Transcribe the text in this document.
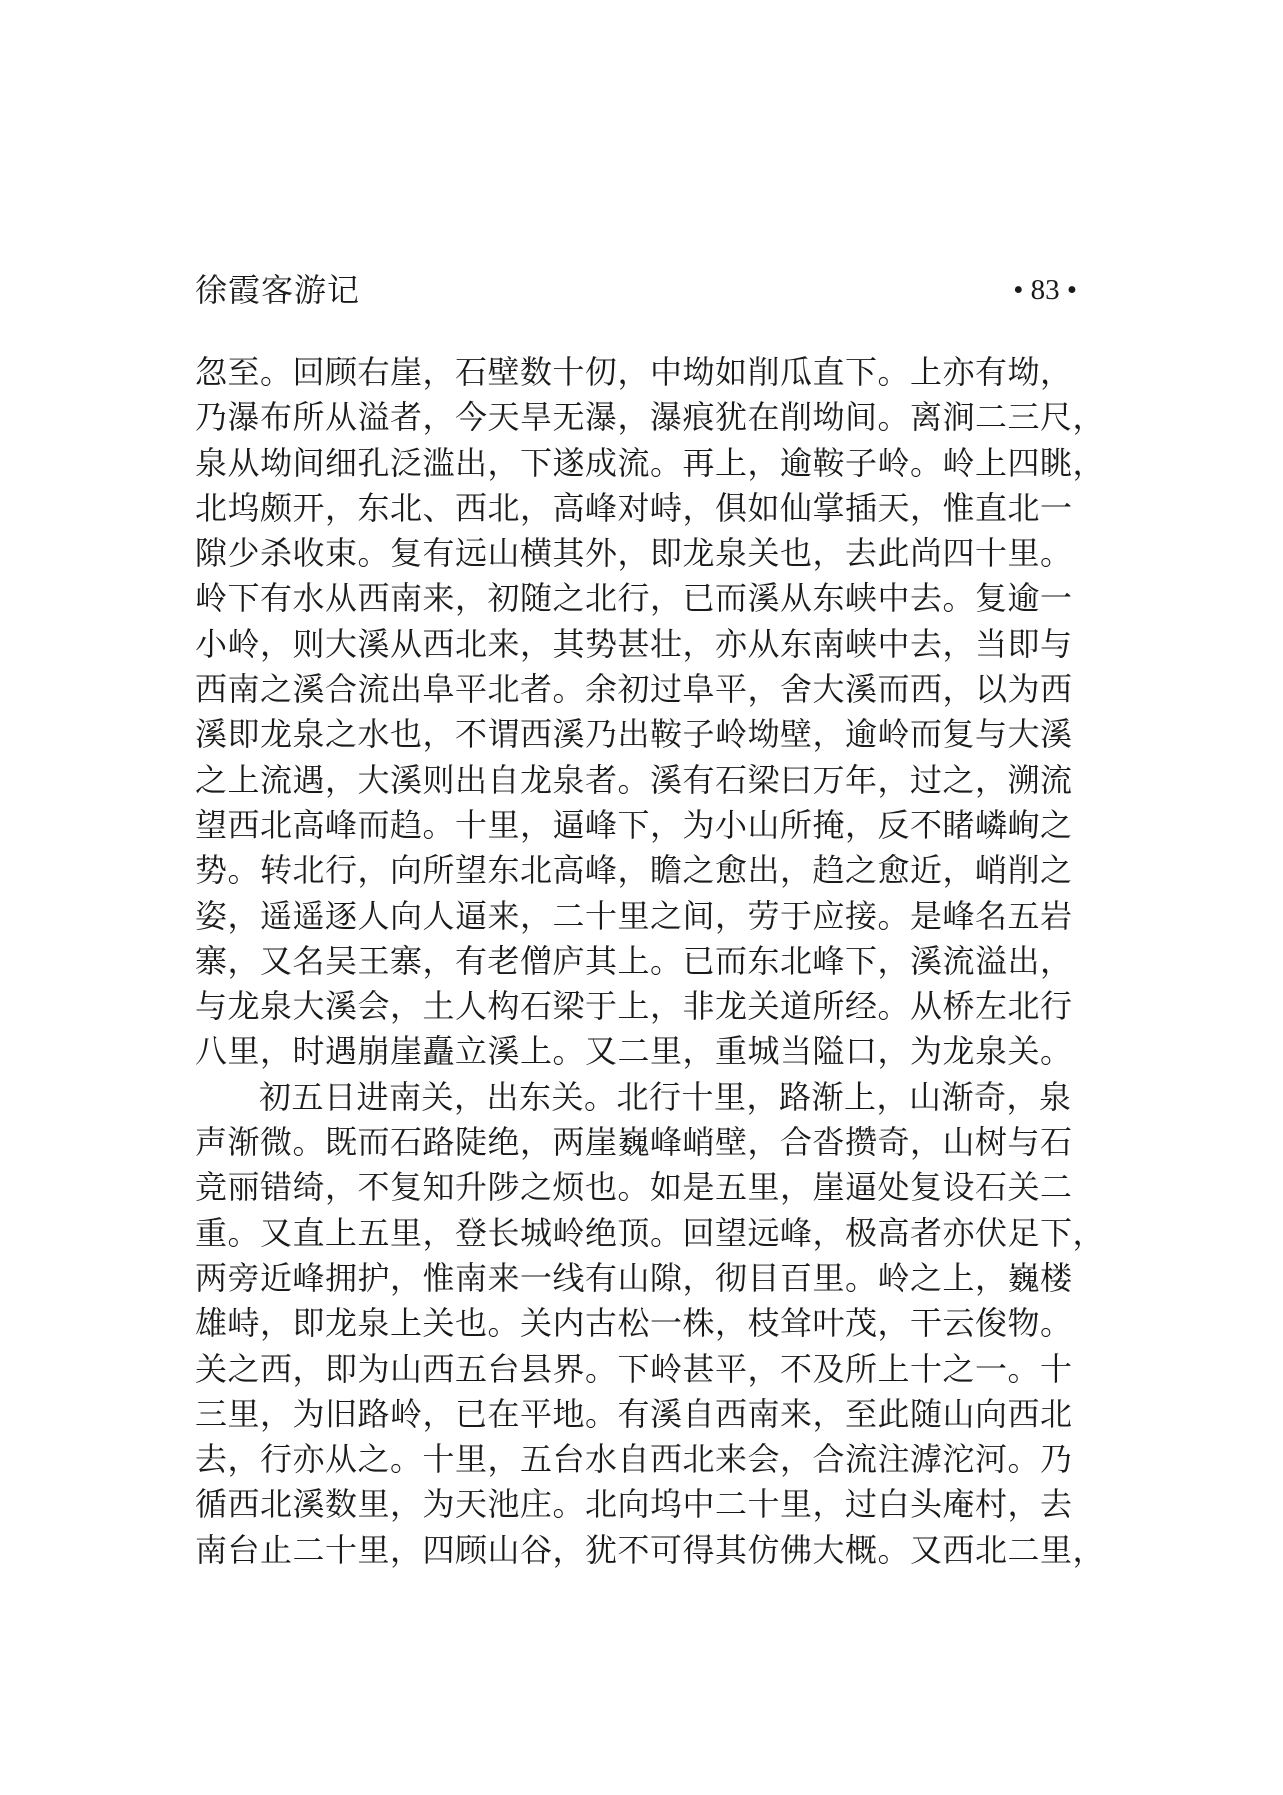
徐霞客游记	• 83 •
忽至。回顾右崖，石壁数十仞，中坳如削瓜直下。上亦有坳，
乃瀑布所从溢者，今天旱无瀑，瀑痕犹在削坳间。离涧二三尺，
泉从坳间细孔泛滥出，下遂成流。再上，逾鞍子岭。岭上四眺，
北坞颇开，东北、西北，高峰对峙，俱如仙掌插天，惟直北一
隙少杀收束。复有远山横其外，即龙泉关也，去此尚四十里。
岭下有水从西南来，初随之北行，已而溪从东峡中去。复逾一
小岭，则大溪从西北来，其势甚壮，亦从东南峡中去，当即与
西南之溪合流出阜平北者。余初过阜平，舍大溪而西，以为西
溪即龙泉之水也，不谓西溪乃出鞍子岭坳壁，逾岭而复与大溪
之上流遇，大溪则出自龙泉者。溪有石梁曰万年，过之，溯流
望西北高峰而趋。十里，逼峰下，为小山所掩，反不睹嶙峋之
势。转北行，向所望东北高峰，瞻之愈出，趋之愈近，峭削之
姿，遥遥逐人向人逼来，二十里之间，劳于应接。是峰名五岩
寨，又名吴王寨，有老僧庐其上。已而东北峰下，溪流溢出，
与龙泉大溪会，土人构石梁于上，非龙关道所经。从桥左北行
八里，时遇崩崖矗立溪上。又二里，重城当隘口，为龙泉关。
初五日进南关，出东关。北行十里，路渐上，山渐奇，泉
声渐微。既而石路陡绝，两崖巍峰峭壁，合沓攒奇，山树与石
竞丽错绮，不复知升陟之烦也。如是五里，崖逼处复设石关二
重。又直上五里，登长城岭绝顶。回望远峰，极高者亦伏足下，
两旁近峰拥护，惟南来一线有山隙，彻目百里。岭之上，巍楼
雄峙，即龙泉上关也。关内古松一株，枝耸叶茂，干云俊物。
关之西，即为山西五台县界。下岭甚平，不及所上十之一。十
三里，为旧路岭，已在平地。有溪自西南来，至此随山向西北
去，行亦从之。十里，五台水自西北来会，合流注滹沱河。乃
循西北溪数里，为天池庄。北向坞中二十里，过白头庵村，去
南台止二十里，四顾山谷，犹不可得其仿佛大概。又西北二里，
